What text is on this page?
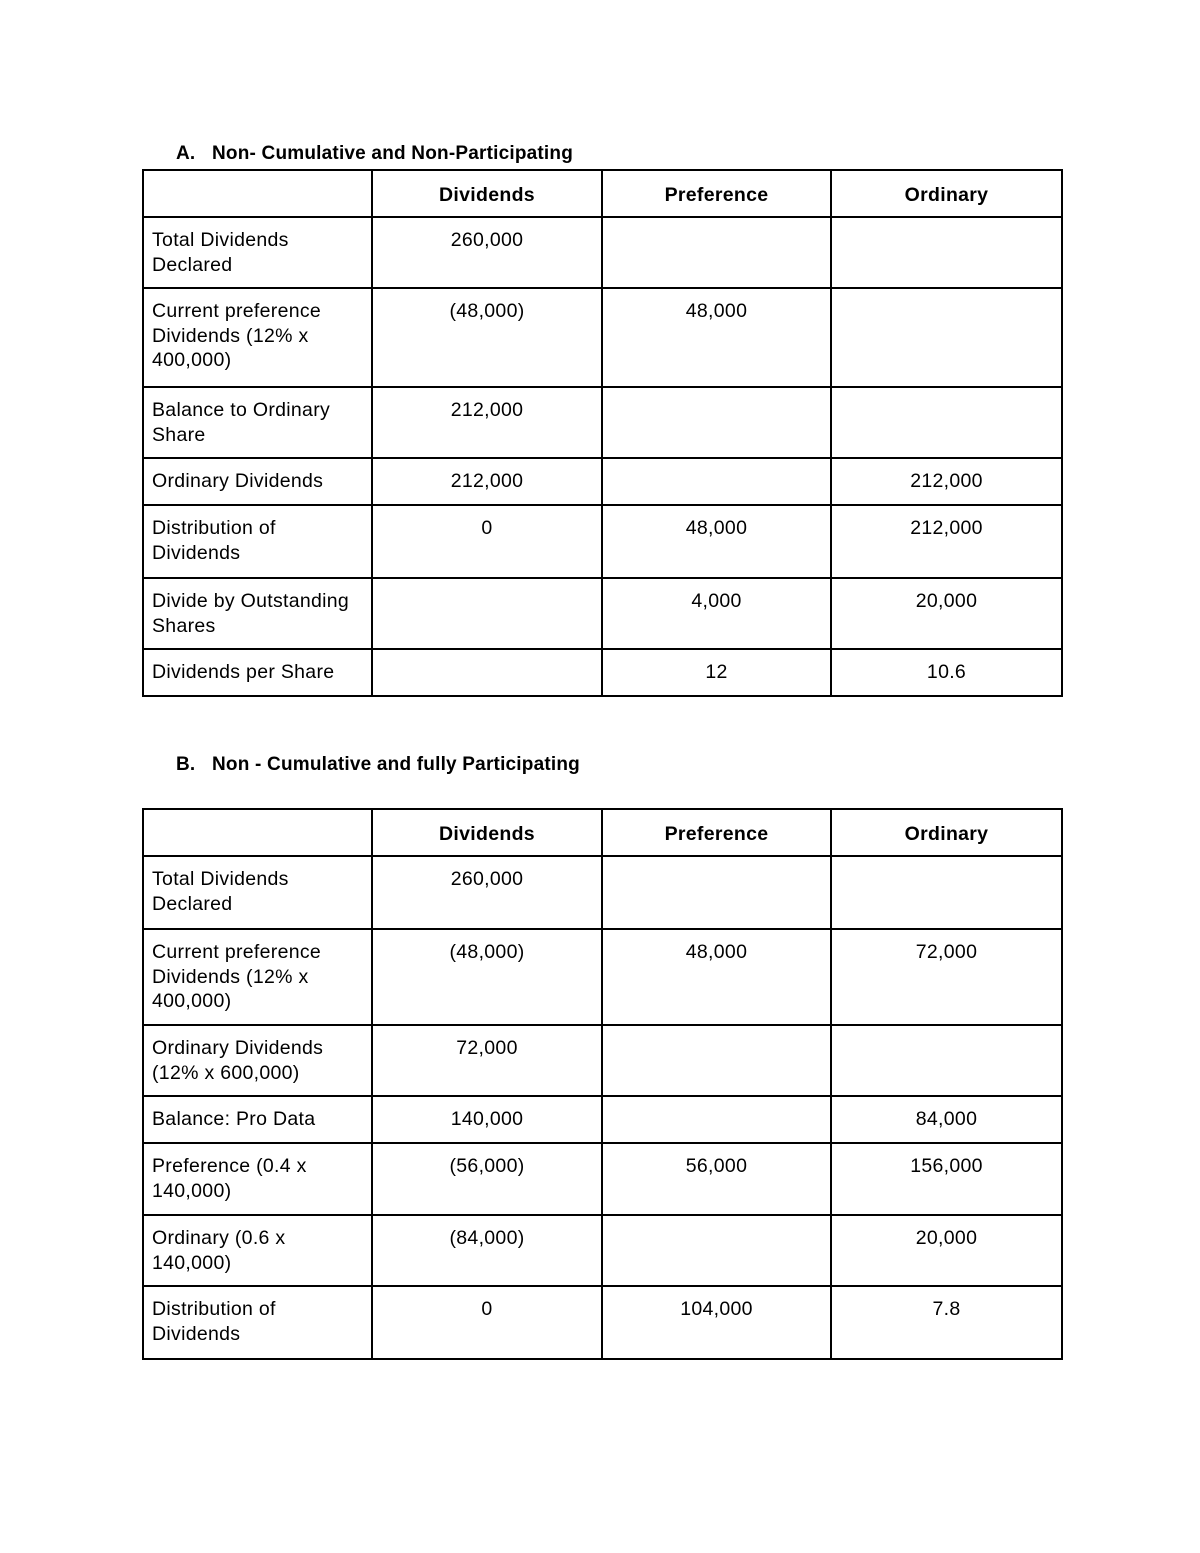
A. Non- Cumulative and Non-Participating
	Dividends	Preference	Ordinary
Total Dividends Declared	260,000		
Current preference Dividends (12% x 400,000)	(48,000)	48,000	
Balance to Ordinary Share	212,000		
Ordinary Dividends	212,000		212,000
Distribution of Dividends	0	48,000	212,000
Divide by Outstanding Shares		4,000	20,000
Dividends per Share		12	10.6
B. Non - Cumulative and fully Participating
	Dividends	Preference	Ordinary
Total Dividends Declared	260,000		
Current preference Dividends (12% x 400,000)	(48,000)	48,000	72,000
Ordinary Dividends (12% x 600,000)	72,000		
Balance: Pro Data	140,000		84,000
Preference (0.4 x 140,000)	(56,000)	56,000	156,000
Ordinary (0.6 x 140,000)	(84,000)		20,000
Distribution of Dividends	0	104,000	7.8
